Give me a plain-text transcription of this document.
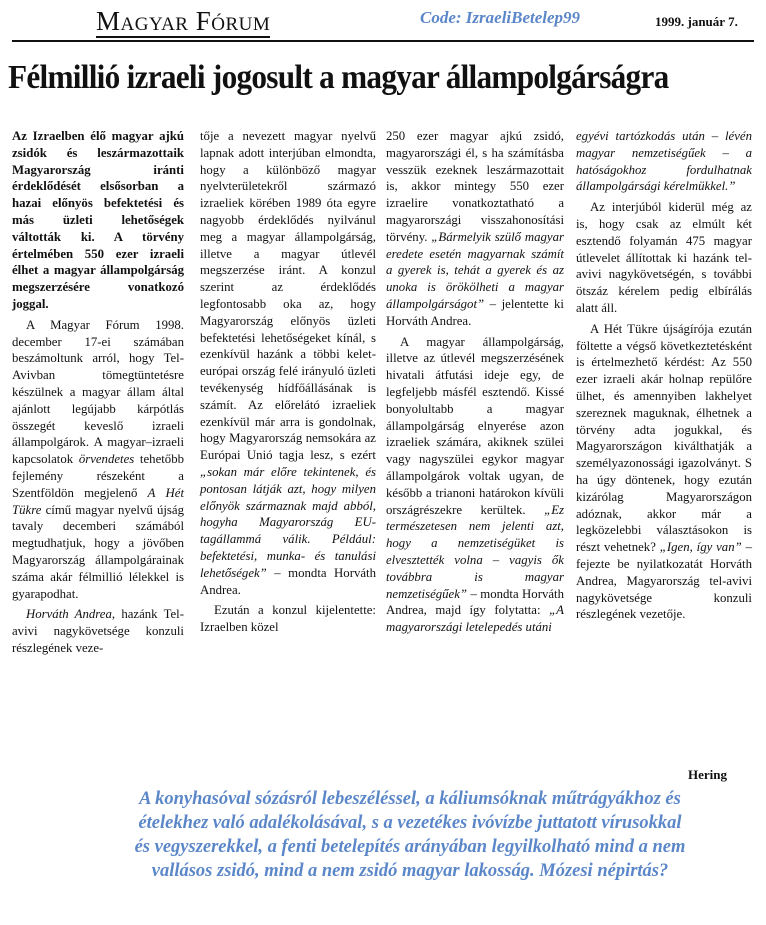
Magyar Fórum	Code: IzraeliBetelep99	1999. január 7.
Félmillió izraeli jogosult a magyar állampolgárságra

Az Izraelben élő magyar ajkú zsidók és leszármazottaik Magyarország iránti érdeklődését elsősorban a hazai előnyös befektetési és más üzleti lehetőségek váltották ki. A törvény értelmében 550 ezer izraeli élhet a magyar állampolgárság megszerzésére vonatkozó joggal.

A Magyar Fórum 1998. december 17-ei számában beszámoltunk arról, hogy Tel-Avivban tömegtüntetésre készülnek a magyar állam által ajánlott legújabb kárpótlás összegét keveslő izraeli állampolgárok. A magyar–izraeli kapcsolatok örvendetes tehetőbb fejlemény részeként a Szentföldön megjelenő A Hét Tükre című magyar nyelvű újság tavaly decemberi számából megtudhatjuk, hogy a jövőben Magyarország állampolgárainak száma akár félmillió lélekkel is gyarapodhat.

Horváth Andrea, hazánk Tel-avivi nagykövetsége konzuli részlegének veze-

tője a nevezett magyar nyelvű lapnak adott interjúban elmondta, hogy a különböző magyar nyelvterületekről származó izraeliek körében 1989 óta egyre nagyobb érdeklődés nyilvánul meg a magyar állampolgárság, illetve a magyar útlevél megszerzése iránt. A konzul szerint az érdeklődés legfontosabb oka az, hogy Magyarország előnyös üzleti befektetési lehetőségeket kínál, s ezenkívül hazánk a többi kelet-európai ország felé irányuló üzleti tevékenység hídfőállásának is számít. Az előrelátó izraeliek ezenkívül már arra is gondolnak, hogy Magyarország nemsokára az Európai Unió tagja lesz, s ezért „sokan már előre tekintenek, és pontosan látják azt, hogy milyen előnyök származnak majd abból, hogyha Magyarország EU-tagállammá válik. Például: befektetési, munka- és tanulási lehetőségek” – mondta Horváth Andrea.

Ezután a konzul kijelentette: Izraelben közel

250 ezer magyar ajkú zsidó, magyarországi él, s ha számításba vesszük ezeknek leszármazottait is, akkor mintegy 550 ezer izraelire vonatkoztatható a magyarországi visszahonosítási törvény. „Bármelyik szülő magyar eredete esetén magyarnak számít a gyerek is, tehát a gyerek és az unoka is örökölheti a magyar állampolgárságot” – jelentette ki Horváth Andrea.

A magyar állampolgárság, illetve az útlevél megszerzésének hivatali átfutási ideje egy, de legfeljebb másfél esztendő. Kissé bonyolultabb a magyar állampolgárság elnyerése azon izraeliek számára, akiknek szülei vagy nagyszülei egykor magyar állampolgárok voltak ugyan, de később a trianoni határokon kívüli országrészekre kerültek. „Ez természetesen nem jelenti azt, hogy a nemzetiségüket is elvesztették volna – vagyis ők továbbra is magyar nemzetiségűek” – mondta Horváth Andrea, majd így folytatta: „A magyarországi letelepedés utáni

egyévi tartózkodás után – lévén magyar nemzetiségűek – a hatóságokhoz fordulhatnak állampolgársági kérelmükkel.”

Az interjúból kiderül még az is, hogy csak az elmúlt két esztendő folyamán 475 magyar útlevelet állítottak ki hazánk tel-avivi nagykövetségén, s további ötszáz kérelem pedig elbírálás alatt áll.

A Hét Tükre újságírója ezután föltette a végső következtetésként is értelmezhető kérdést: Az 550 ezer izraeli akár holnap repülőre ülhet, és amennyiben lakhelyet szereznek maguknak, élhetnek a törvény adta jogukkal, és Magyarországon kiválthatják a személyazonossági igazolványt. S ha úgy döntenek, hogy ezután kizárólag Magyarországon adóznak, akkor már a legközelebbi választásokon is részt vehetnek? „Igen, így van” – fejezte be nyilatkozatát Horváth Andrea, Magyarország tel-avivi nagykövetsége konzuli részlegének vezetője.

Hering
A konyhasóval sózásról lebeszéléssel, a káliumsóknak műtrágyákhoz és ételekhez való adalékolásával, s a vezetékes ivóvízbe juttatott vírusokkal és vegyszerekkel, a fenti betelepítés arányában legyilkolható mind a nem vallásos zsidó, mind a nem zsidó magyar lakosság. Mózesi népirtás?
